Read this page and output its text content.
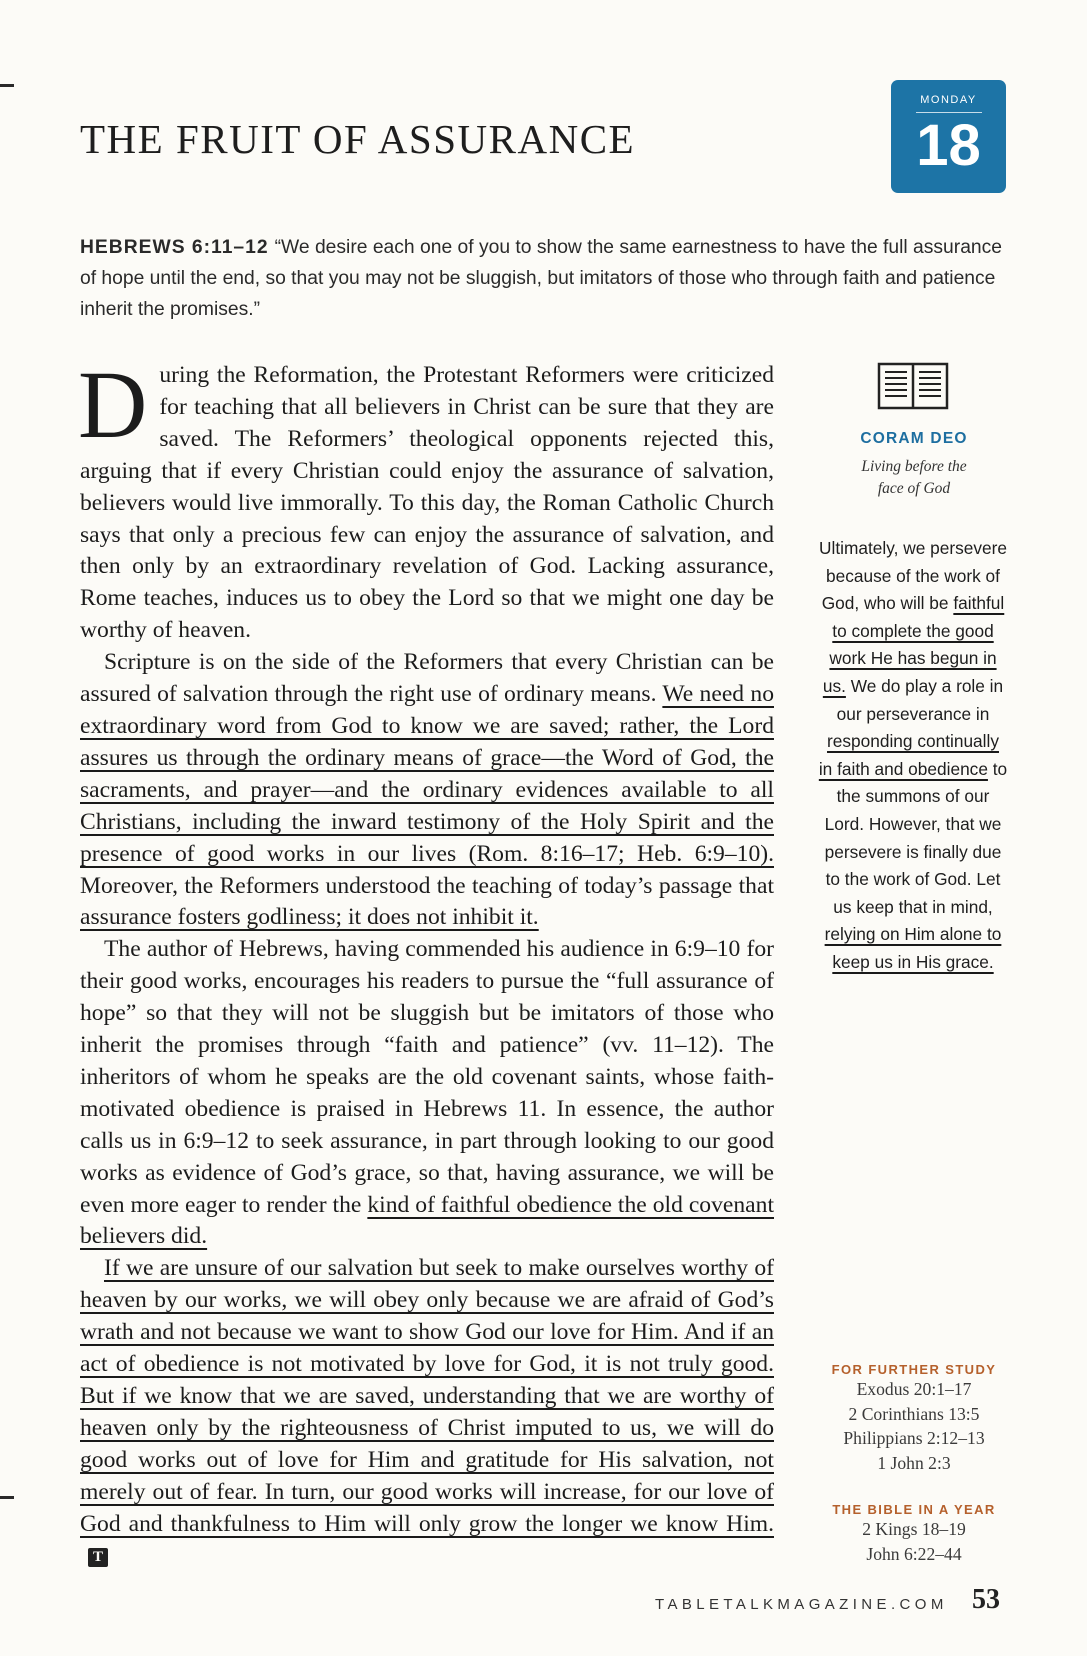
THE FRUIT OF ASSURANCE
MONDAY
18
HEBREWS 6:11–12 “We desire each one of you to show the same earnestness to have the full assurance of hope until the end, so that you may not be sluggish, but imitators of those who through faith and patience inherit the promises.”

During the Reformation, the Protestant Reformers were criticized for teaching that all believers in Christ can be sure that they are saved. The Reformers’ theological opponents rejected this, arguing that if every Christian could enjoy the assurance of salvation, believers would live immorally. To this day, the Roman Catholic Church says that only a precious few can enjoy the assurance of salvation, and then only by an extraordinary revelation of God. Lacking assurance, Rome teaches, induces us to obey the Lord so that we might one day be worthy of heaven.

Scripture is on the side of the Reformers that every Christian can be assured of salvation through the right use of ordinary means. We need no extraordinary word from God to know we are saved; rather, the Lord assures us through the ordinary means of grace—the Word of God, the sacraments, and prayer—and the ordinary evidences available to all Christians, including the inward testimony of the Holy Spirit and the presence of good works in our lives (Rom. 8:16–17; Heb. 6:9–10). Moreover, the Reformers understood the teaching of today’s passage that assurance fosters godliness; it does not inhibit it.

The author of Hebrews, having commended his audience in 6:9–10 for their good works, encourages his readers to pursue the “full assurance of hope” so that they will not be sluggish but be imitators of those who inherit the promises through “faith and patience” (vv. 11–12). The inheritors of whom he speaks are the old covenant saints, whose faith-motivated obedience is praised in Hebrews 11. In essence, the author calls us in 6:9–12 to seek assurance, in part through looking to our good works as evidence of God’s grace, so that, having assurance, we will be even more eager to render the kind of faithful obedience the old covenant believers did.

If we are unsure of our salvation but seek to make ourselves worthy of heaven by our works, we will obey only because we are afraid of God’s wrath and not because we want to show God our love for Him. And if an act of obedience is not motivated by love for God, it is not truly good. But if we know that we are saved, understanding that we are worthy of heaven only by the righteousness of Christ imputed to us, we will do good works out of love for Him and gratitude for His salvation, not merely out of fear. In turn, our good works will increase, for our love of God and thankfulness to Him will only grow the longer we know Him.T

CORAM DEO
Living before the face of God
Ultimately, we persevere because of the work of God, who will be faithful to complete the good work He has begun in us. We do play a role in our perseverance in responding continually in faith and obedience to the summons of our Lord. However, that we persevere is finally due to the work of God. Let us keep that in mind, relying on Him alone to keep us in His grace.
FOR FURTHER STUDY
Exodus 20:1–17
2 Corinthians 13:5
Philippians 2:12–13
1 John 2:3
THE BIBLE IN A YEAR
2 Kings 18–19
John 6:22–44
TABLETALKMAGAZINE.COM 53
